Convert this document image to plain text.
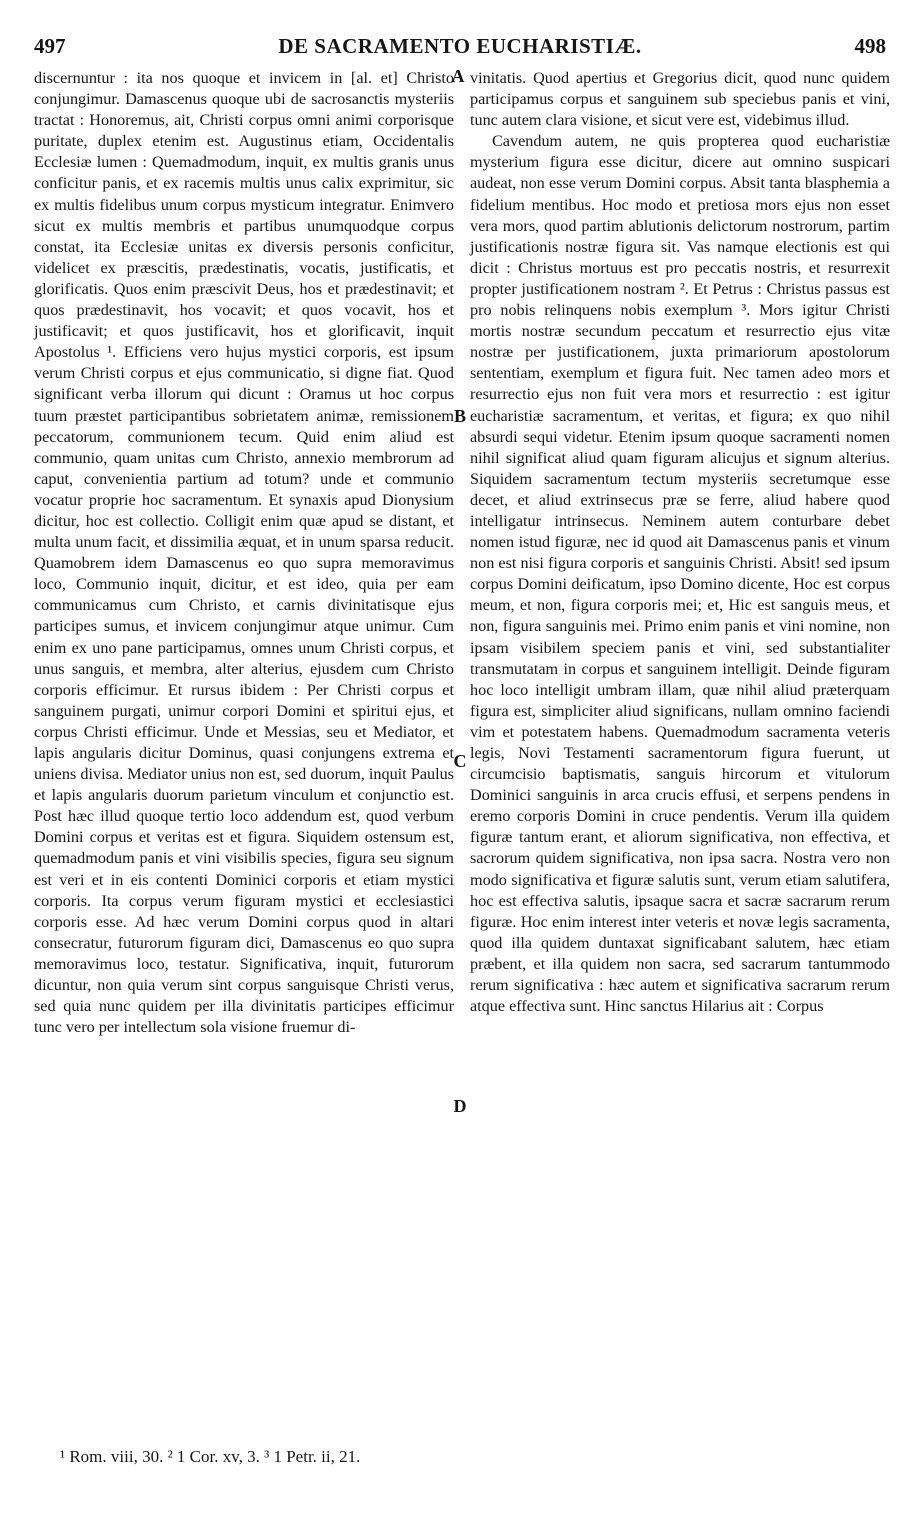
497	DE SACRAMENTO EUCHARISTIÆ.	498

discernuntur : ita nos quoque et invicem in [al. et] Christo conjungimur. Damascenus quoque ubi de sacrosanctis mysteriis tractat : Honoremus, ait, Christi corpus omni animi corporisque puritate, duplex etenim est. Augustinus etiam, Occidentalis Ecclesiæ lumen : Quemadmodum, inquit, ex multis granis unus conficitur panis, et ex racemis multis unus calix exprimitur, sic ex multis fidelibus unum corpus mysticum integratur. Enimvero sicut ex multis membris et partibus unumquodque corpus constat, ita Ecclesiæ unitas ex diversis personis conficitur, videlicet ex præscitis, prædestinatis, vocatis, justificatis, et glorificatis. Quos enim præscivit Deus, hos et prædestinavit; et quos prædestinavit, hos vocavit; et quos vocavit, hos et justificavit; et quos justificavit, hos et glorificavit, inquit Apostolus ¹. Efficiens vero hujus mystici corporis, est ipsum verum Christi corpus et ejus communicatio, si digne fiat. Quod significant verba illorum qui dicunt : Oramus ut hoc corpus tuum præstet participantibus sobrietatem animæ, remissionem peccatorum, communionem tecum. Quid enim aliud est communio, quam unitas cum Christo, annexio membrorum ad caput, convenientia partium ad totum? unde et communio vocatur proprie hoc sacramentum. Et synaxis apud Dionysium dicitur, hoc est collectio. Colligit enim quæ apud se distant, et multa unum facit, et dissimilia æquat, et in unum sparsa reducit. Quamobrem idem Damascenus eo quo supra memoravimus loco, Communio inquit, dicitur, et est ideo, quia per eam communicamus cum Christo, et carnis divinitatisque ejus participes sumus, et invicem conjungimur atque unimur. Cum enim ex uno pane participamus, omnes unum Christi corpus, et unus sanguis, et membra, alter alterius, ejusdem cum Christo corporis efficimur. Et rursus ibidem : Per Christi corpus et sanguinem purgati, unimur corpori Domini et spiritui ejus, et corpus Christi efficimur. Unde et Messias, seu et Mediator, et lapis angularis dicitur Dominus, quasi conjungens extrema et uniens divisa. Mediator unius non est, sed duorum, inquit Paulus et lapis angularis duorum parietum vinculum et conjunctio est. Post hæc illud quoque tertio loco addendum est, quod verbum Domini corpus et veritas est et figura. Siquidem ostensum est, quemadmodum panis et vini visibilis species, figura seu signum est veri et in eis contenti Dominici corporis et etiam mystici corporis. Ita corpus verum figuram mystici et ecclesiastici corporis esse. Ad hæc verum Domini corpus quod in altari consecratur, futurorum figuram dici, Damascenus eo quo supra memoravimus loco, testatur. Significativa, inquit, futurorum dicuntur, non quia verum sint corpus sanguisque Christi verus, sed quia nunc quidem per illa divinitatis participes efficimur tunc vero per intellectum sola visione fruemur di-

A
B
C
D

vinitatis. Quod apertius et Gregorius dicit, quod nunc quidem participamus corpus et sanguinem sub speciebus panis et vini, tunc autem clara visione, et sicut vere est, videbimus illud.

Cavendum autem, ne quis propterea quod eucharistiæ mysterium figura esse dicitur, dicere aut omnino suspicari audeat, non esse verum Domini corpus. Absit tanta blasphemia a fidelium mentibus. Hoc modo et pretiosa mors ejus non esset vera mors, quod partim ablutionis delictorum nostrorum, partim justificationis nostræ figura sit. Vas namque electionis est qui dicit : Christus mortuus est pro peccatis nostris, et resurrexit propter justificationem nostram ². Et Petrus : Christus passus est pro nobis relinquens nobis exemplum ³. Mors igitur Christi mortis nostræ secundum peccatum et resurrectio ejus vitæ nostræ per justificationem, juxta primariorum apostolorum sententiam, exemplum et figura fuit. Nec tamen adeo mors et resurrectio ejus non fuit vera mors et resurrectio : est igitur eucharistiæ sacramentum, et veritas, et figura; ex quo nihil absurdi sequi videtur. Etenim ipsum quoque sacramenti nomen nihil significat aliud quam figuram alicujus et signum alterius. Siquidem sacramentum tectum mysteriis secretumque esse decet, et aliud extrinsecus præ se ferre, aliud habere quod intelligatur intrinsecus. Neminem autem conturbare debet nomen istud figuræ, nec id quod ait Damascenus panis et vinum non est nisi figura corporis et sanguinis Christi. Absit! sed ipsum corpus Domini deificatum, ipso Domino dicente, Hoc est corpus meum, et non, figura corporis mei; et, Hic est sanguis meus, et non, figura sanguinis mei. Primo enim panis et vini nomine, non ipsam visibilem speciem panis et vini, sed substantialiter transmutatam in corpus et sanguinem intelligit. Deinde figuram hoc loco intelligit umbram illam, quæ nihil aliud præterquam figura est, simpliciter aliud significans, nullam omnino faciendi vim et potestatem habens. Quemadmodum sacramenta veteris legis, Novi Testamenti sacramentorum figura fuerunt, ut circumcisio baptismatis, sanguis hircorum et vitulorum Dominici sanguinis in arca crucis effusi, et serpens pendens in eremo corporis Domini in cruce pendentis. Verum illa quidem figuræ tantum erant, et aliorum significativa, non effectiva, et sacrorum quidem significativa, non ipsa sacra. Nostra vero non modo significativa et figuræ salutis sunt, verum etiam salutifera, hoc est effectiva salutis, ipsaque sacra et sacræ sacrarum rerum figuræ. Hoc enim interest inter veteris et novæ legis sacramenta, quod illa quidem duntaxat significabant salutem, hæc etiam præbent, et illa quidem non sacra, sed sacrarum tantummodo rerum significativa : hæc autem et significativa sacrarum rerum atque effectiva sunt. Hinc sanctus Hilarius ait : Corpus

¹ Rom. viii, 30. ² 1 Cor. xv, 3. ³ 1 Petr. ii, 21.
